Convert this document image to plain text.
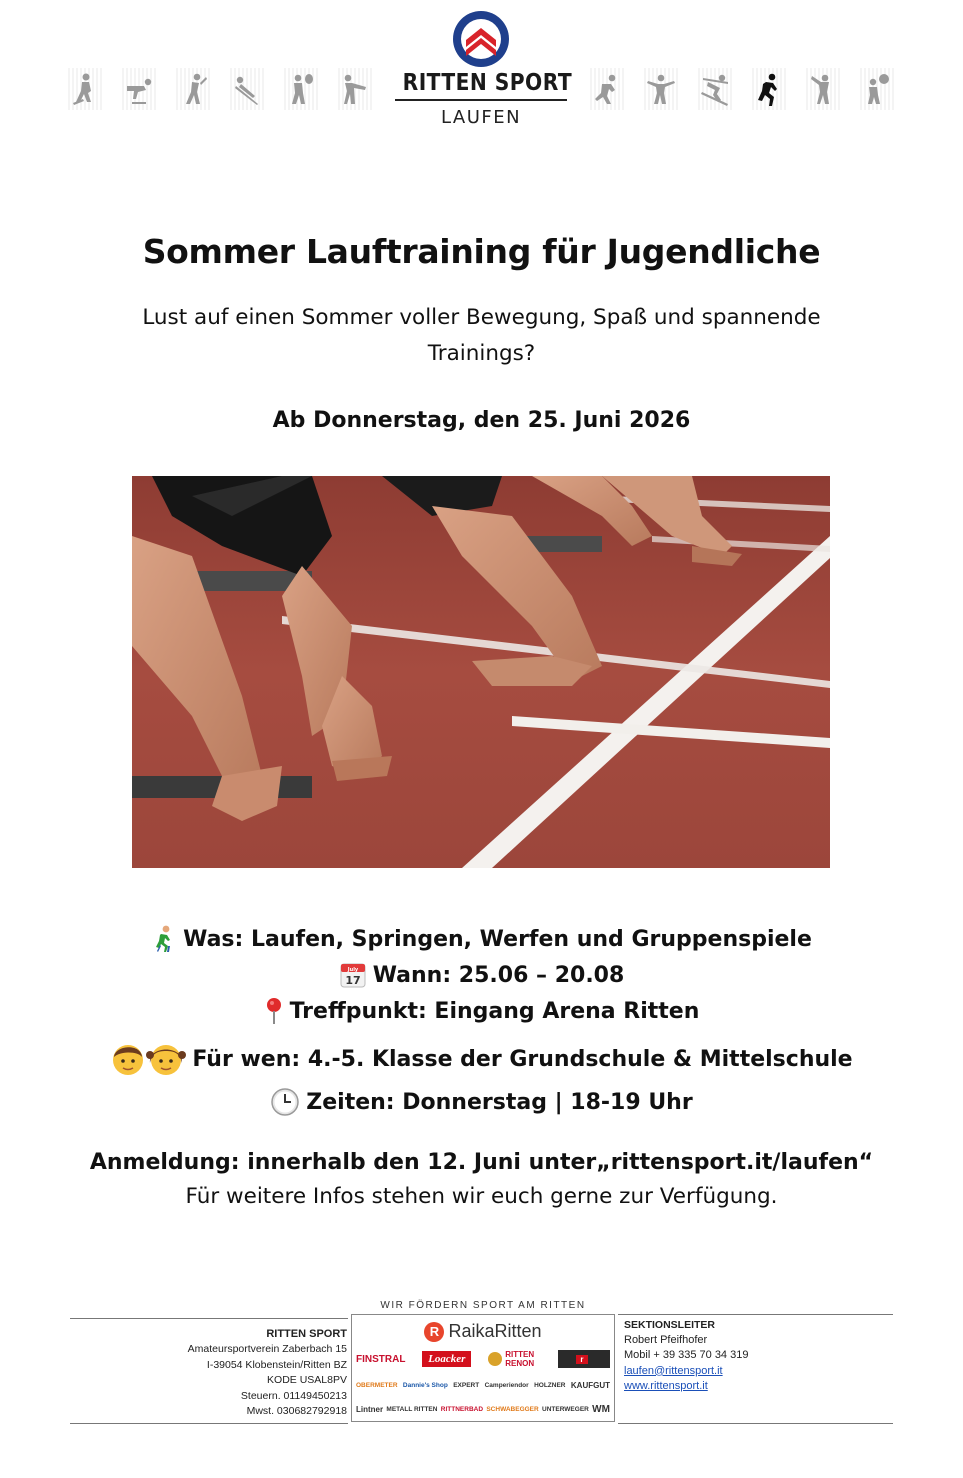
RITTEN SPORT
LAUFEN
Sommer Lauftraining für Jugendliche

Lust auf einen Sommer voller Bewegung, Spaß und spannende Trainings?

Ab Donnerstag, den 25. Juni 2026

Was: Laufen, Springen, Werfen und Gruppenspiele
July
17 Wann: 25.06 – 20.08
Treffpunkt: Eingang Arena Ritten
Für wen: 4.-5. Klasse der Grundschule & Mittelschule
Zeiten: Donnerstag | 18-19 Uhr

Anmeldung: innerhalb den 12. Juni unter„rittensport.it/laufen“

Für weitere Infos stehen wir euch gerne zur Verfügung.

RITTEN SPORT
Amateursportverein Zaberbach 15
I-39054 Klobenstein/Ritten BZ
KODE USAL8PV
Steuern. 01149450213
Mwst. 030682792918
WIR FÖRDERN SPORT AM RITTEN
R RaikaRitten
FINSTRAL	Loacker	RITTEN RENON	r
OBERMETER Dannie's Shop EXPERT Camperiendor HOLZNER KAUFGUT
Lintner METALL RITTEN RITTNERBAD SCHWABEGGER UNTERWEGER WM
SEKTIONSLEITER
Robert Pfeifhofer
Mobil + 39 335 70 34 319
laufen@rittensport.it
www.rittensport.it
